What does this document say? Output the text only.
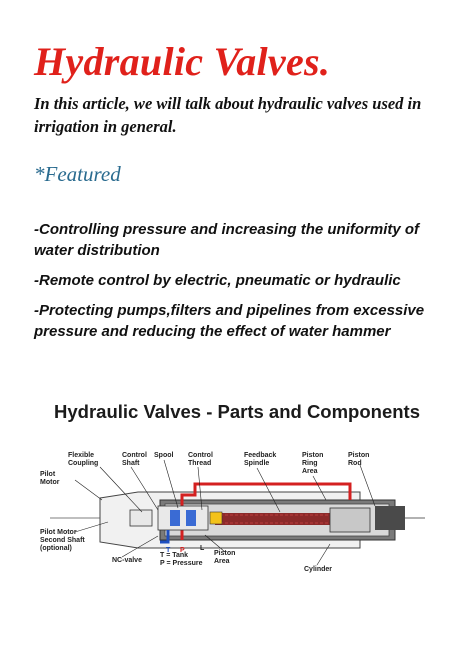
Hydraulic Valves.
In this article, we will talk about hydraulic valves used in irrigation in general.
*Featured

-Controlling pressure and increasing the uniformity of water distribution

-Remote control by electric, pneumatic or hydraulic

-Protecting pumps,filters and pipelines from excessive pressure and reducing the effect of water hammer

Hydraulic Valves - Parts and Components
Flexible
Coupling
Control
Shaft
Spool Control
Thread
Feedback
Spindle
Piston
Ring
Area
Piston
Rod
Pilot
Motor
Pilot Motor
Second Shaft
(optional)
NC-valve
T = Tank
P = Pressure
Piston
Area
Cylinder
T P L
